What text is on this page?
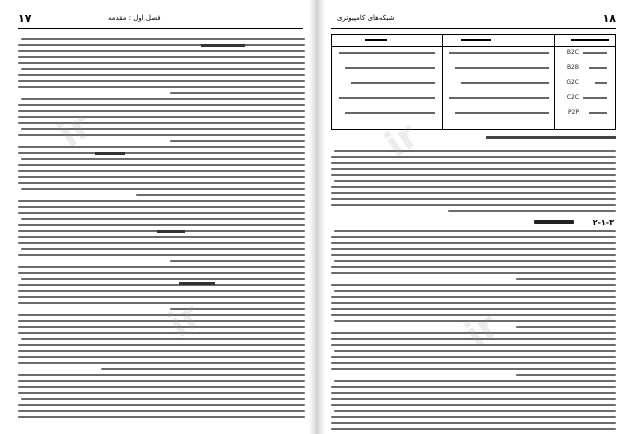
۱۷	فصل اول : مقدمه
ir
۱۸
شبکه‌های کامپیوتری
B2C
B2B
G2C
C2C
P2P
۲-۱-۳
ir
ir
